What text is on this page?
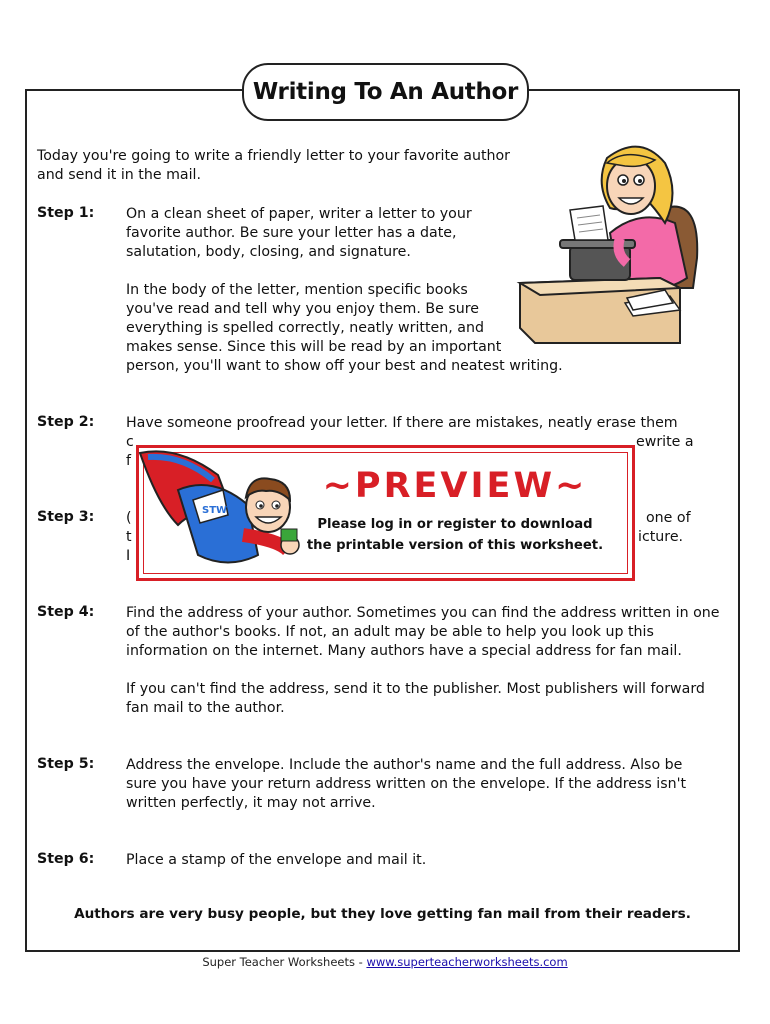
Writing To An Author
Today you're going to write a friendly letter to your favorite author
and send it in the mail.
Step 1: On a clean sheet of paper, writer a letter to your
favorite author. Be sure your letter has a date,
salutation, body, closing, and signature.
In the body of the letter, mention specific books
you've read and tell why you enjoy them. Be sure
everything is spelled correctly, neatly written, and
makes sense. Since this will be read by an important
person, you'll want to show off your best and neatest writing.
Step 2: Have someone proofread your letter. If there are mistakes, neatly erase them
c
f
ewrite a
Step 3: (
t
I
one of
icture.
STW
~PREVIEW~
Please log in or register to download
the printable version of this worksheet.
Step 4: Find the address of your author. Sometimes you can find the address written in one
of the author's books. If not, an adult may be able to help you look up this
information on the internet. Many authors have a special address for fan mail.
If you can't find the address, send it to the publisher. Most publishers will forward
fan mail to the author.
Step 5: Address the envelope. Include the author's name and the full address. Also be
sure you have your return address written on the envelope. If the address isn't
written perfectly, it may not arrive.
Step 6: Place a stamp of the envelope and mail it.
Authors are very busy people, but they love getting fan mail from their readers.
Super Teacher Worksheets - www.superteacherworksheets.com
